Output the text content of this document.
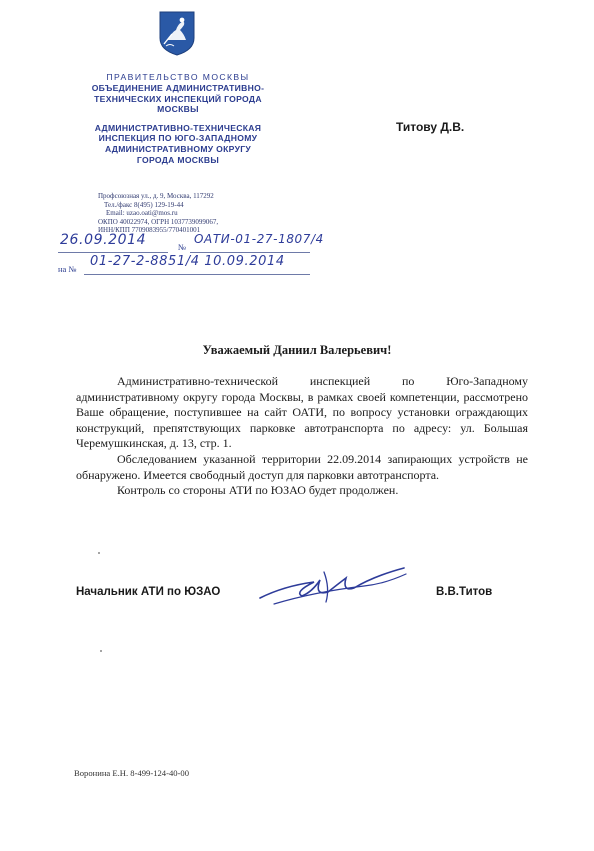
ПРАВИТЕЛЬСТВО МОСКВЫ
ОБЪЕДИНЕНИЕ АДМИНИСТРАТИВНО-
ТЕХНИЧЕСКИХ ИНСПЕКЦИЙ ГОРОДА
МОСКВЫ
АДМИНИСТРАТИВНО-ТЕХНИЧЕСКАЯ
ИНСПЕКЦИЯ ПО ЮГО-ЗАПАДНОМУ
АДМИНИСТРАТИВНОМУ ОКРУГУ
ГОРОДА МОСКВЫ
Профсоюзная ул., д. 9, Москва, 117292
Тел./факс 8(495) 129-19-44
Email: uzao.oati@mos.ru
ОКПО 40022974, ОГРН 1037739099067,
ИНН/КПП 7709083955/770401001
26.09.2014	№
ОАТИ-01-27-1807/4
на № 01-27-2-8851/4 10.09.2014
Титову Д.В.
Уважаемый Даниил Валерьевич!

Административно-технической инспекцией по Юго-Западному административному округу города Москвы, в рамках своей компетенции, рассмотрено Ваше обращение, поступившее на сайт ОАТИ, по вопросу установки ограждающих конструкций, препятствующих парковке автотранспорта по адресу: ул. Большая Черемушкинская, д. 13, стр. 1.

Обследованием указанной территории 22.09.2014 запирающих устройств не обнаружено. Имеется свободный доступ для парковки автотранспорта.

Контроль со стороны АТИ по ЮЗАО будет продолжен.

Начальник АТИ по ЮЗАО	В.В.Титов
Воронина Е.Н. 8-499-124-40-00
